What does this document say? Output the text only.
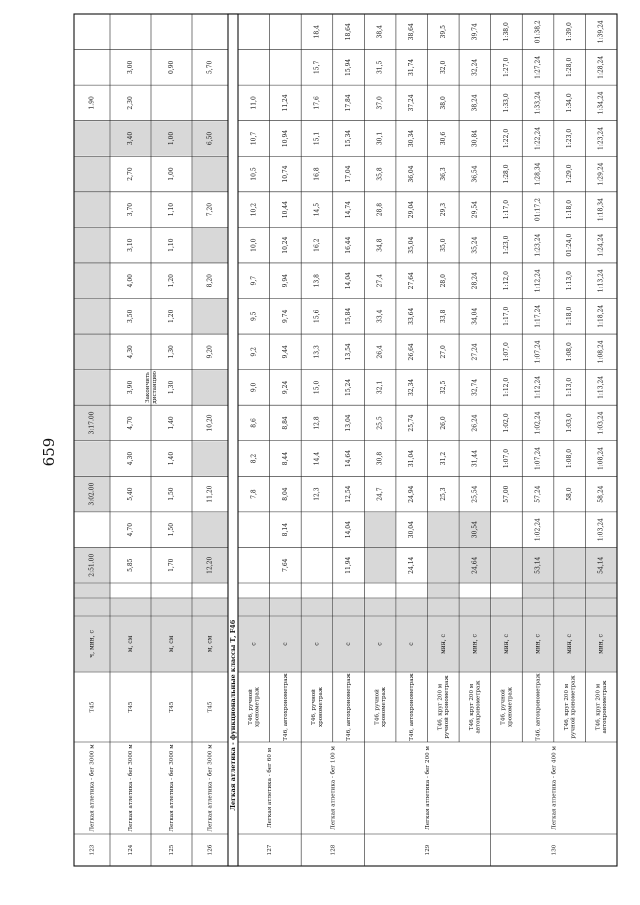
659
Легкая атлетика - функциональные классы Т, F46
123
Легкая атлетика - бег 3000 м
Т45
ч, мин, с
2:51.00
3:02.00
3:17.00
1.90
124
Легкая атлетика - бег 3000 м
Т45
м, см
5,85
4,70
5,40
4,30
4,70
3,90
4,30
3,50
4,00
3,10
3,70
2,70
3,40
2,30
3,00
125
Легкая атлетика - бег 3000 м
Т45
м, см
1,70
1,50
1,50
1,40
1,40
1,30
1,30
1,20
1,20
1,10
1,10
1,00
1,00
0,90
126
Легкая атлетика - бег 3000 м
Т45
м, см
12,20
11,20
10,20
9,20
8,20
7,20
6,50
5,70
127
Легкая атлетика - бег 60 м
Т46, ручной хронометраж
с
7,8
8,2
8,6
9,0
9,2
9,5
9,7
10,0
10,2
10,5
10,7
11,0
Т46, автохронометраж
с
7,64
8,14
8,04
8,44
8,84
9,24
9,44
9,74
9,94
10,24
10,44
10,74
10,94
11,24
128
Легкая атлетика - бег 100 м
Т46, ручной хронометраж
с
12,3
14,4
12,8
15,0
13,3
15,6
13,8
16,2
14,5
16,8
15,1
17,6
15,7
18,4
Т46, автохронометраж
с
11,94
14,04
12,54
14,64
13,04
15,24
13,54
15,84
14,04
16,44
14,74
17,04
15,34
17,84
15,94
18,64
Т46, ручной хронометраж
с
24,7
30,8
25,5
32,1
26,4
33,4
27,4
34,8
28,8
35,8
30,1
37,0
31,5
38,4
129
Легкая атлетика - бег 200 м
Т46, автохронометраж
с
24,14
30,04
24,94
31,04
25,74
32,34
26,64
33,64
27,64
35,04
29,04
36,04
30,34
37,24
31,74
38,64
Т46, круг 200 м ручной хронометраж
мин, с
25,3
31,2
26,0
32,5
27,0
33,8
28,0
35,0
29,3
36,3
30,6
38,0
32,0
39,5
Т46, круг 200 м автохронометраж
мин, с
24,64
30,54
25,54
31,44
26,24
32,74
27,24
34,04
28,24
35,24
29,54
36,54
30,84
38,24
32,24
39,74
Т46, ручной хронометраж
мин, с
57,00
1:07,0
1:02,0
1:12,0
1:07,0
1:17,0
1:12,0
1:23,0
1:17,0
1:28,0
1:22,0
1:33,0
1:27,0
1:38,0
130
Легкая атлетика - бег 400 м
Т46, автохронометраж
мин, с
53,14
1:02,24
57,24
1:07,24
1:02,24
1:12,24
1:07,24
1:17,24
1:12,24
1:23,24
01:17,2
1:28,34
1:22,24
1:33,24
1:27,24
01:38,2
Т46, круг 200 м ручной хронометраж
мин, с
58,0
1:08,0
1:03,0
1:13,0
1:08,0
1:18,0
1:13,0
01:24,0
1:18,0
1:29,0
1:23,0
1:34,0
1:28,0
1:39,0
Т46, круг 200 м автохронометраж
мин, с
54,14
1:03,24
58,24
1:08,24
1:03,24
1:13,24
1:08,24
1:18,24
1:13,24
1:24,24
1:18,34
1:29,24
1:23,24
1:34,24
1:28,24
1:39,24
Закончить дистанцию
